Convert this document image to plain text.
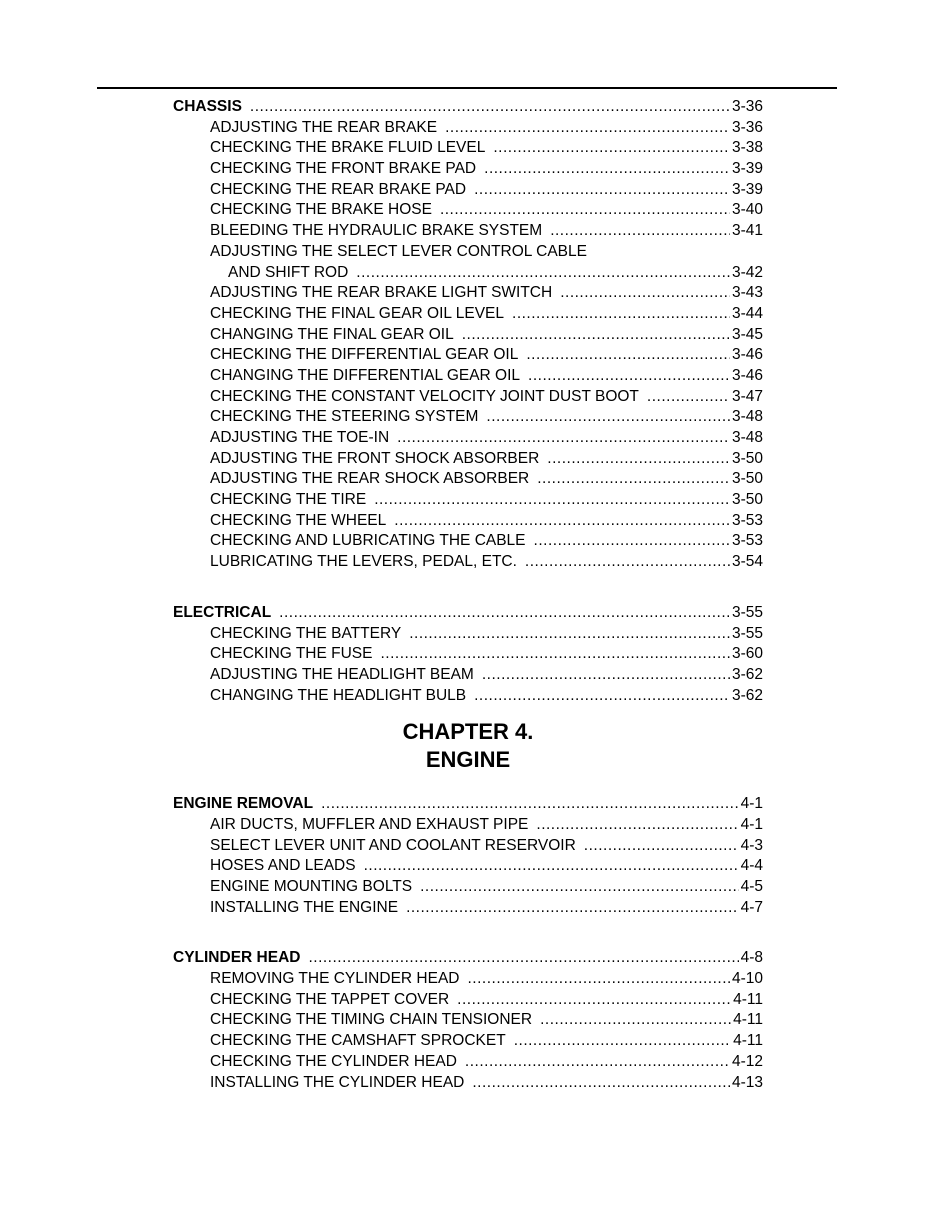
CHASSIS .....	3-36
ADJUSTING THE REAR BRAKE .....	3-36
CHECKING THE BRAKE FLUID LEVEL .....	3-38
CHECKING THE FRONT BRAKE PAD .....	3-39
CHECKING THE REAR BRAKE PAD .....	3-39
CHECKING THE BRAKE HOSE .....	3-40
BLEEDING THE HYDRAULIC BRAKE SYSTEM .....	3-41
ADJUSTING THE SELECT LEVER CONTROL CABLE
AND SHIFT ROD .....	3-42
ADJUSTING THE REAR BRAKE LIGHT SWITCH .....	3-43
CHECKING THE FINAL GEAR OIL LEVEL .....	3-44
CHANGING THE FINAL GEAR OIL .....	3-45
CHECKING THE DIFFERENTIAL GEAR OIL .....	3-46
CHANGING THE DIFFERENTIAL GEAR OIL .....	3-46
CHECKING THE CONSTANT VELOCITY JOINT DUST BOOT .....	3-47
CHECKING THE STEERING SYSTEM .....	3-48
ADJUSTING THE TOE-IN .....	3-48
ADJUSTING THE FRONT SHOCK ABSORBER .....	3-50
ADJUSTING THE REAR SHOCK ABSORBER .....	3-50
CHECKING THE TIRE .....	3-50
CHECKING THE WHEEL .....	3-53
CHECKING AND LUBRICATING THE CABLE .....	3-53
LUBRICATING THE LEVERS, PEDAL, ETC. .....	3-54
ELECTRICAL .....	3-55
CHECKING THE BATTERY .....	3-55
CHECKING THE FUSE .....	3-60
ADJUSTING THE HEADLIGHT BEAM .....	3-62
CHANGING THE HEADLIGHT BULB .....	3-62
CHAPTER 4.
ENGINE
ENGINE REMOVAL .....	4-1
AIR DUCTS, MUFFLER AND EXHAUST PIPE .....	4-1
SELECT LEVER UNIT AND COOLANT RESERVOIR .....	4-3
HOSES AND LEADS .....	4-4
ENGINE MOUNTING BOLTS .....	4-5
INSTALLING THE ENGINE .....	4-7
CYLINDER HEAD .....	4-8
REMOVING THE CYLINDER HEAD .....	4-10
CHECKING THE TAPPET COVER .....	4-11
CHECKING THE TIMING CHAIN TENSIONER .....	4-11
CHECKING THE CAMSHAFT SPROCKET .....	4-11
CHECKING THE CYLINDER HEAD .....	4-12
INSTALLING THE CYLINDER HEAD .....	4-13
